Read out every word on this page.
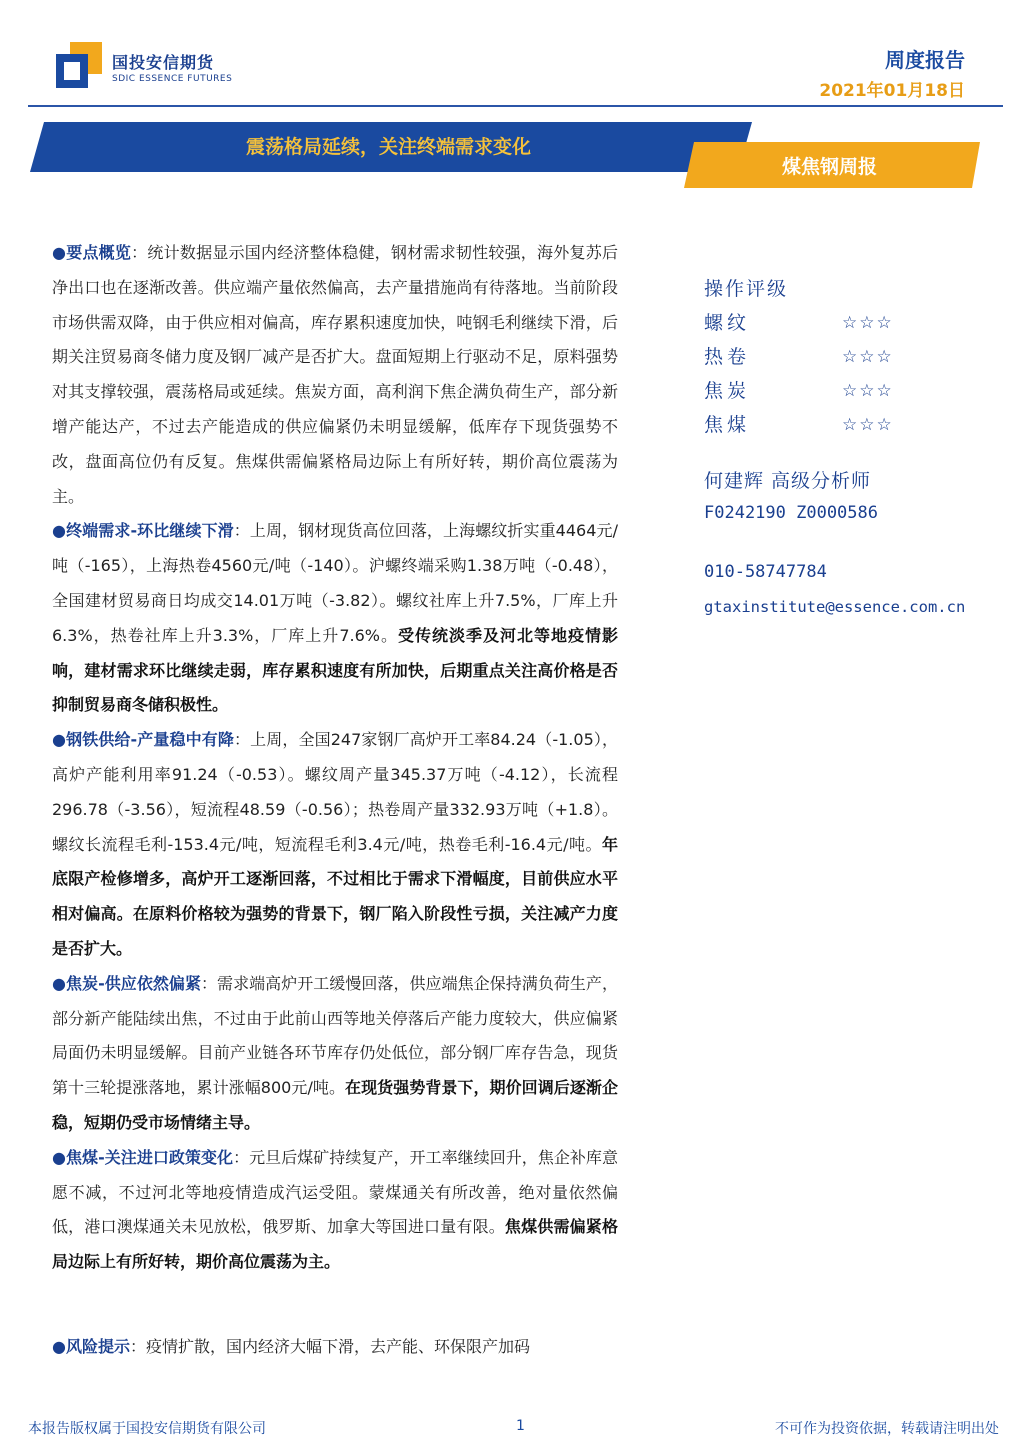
国投安信期货
SDIC ESSENCE FUTURES
周度报告
2021年01月18日
震荡格局延续，关注终端需求变化
煤焦钢周报

●要点概览：统计数据显示国内经济整体稳健，钢材需求韧性较强，海外复苏后净出口也在逐渐改善。供应端产量依然偏高，去产量措施尚有待落地。当前阶段市场供需双降，由于供应相对偏高，库存累积速度加快，吨钢毛利继续下滑，后期关注贸易商冬储力度及钢厂减产是否扩大。盘面短期上行驱动不足，原料强势对其支撑较强，震荡格局或延续。焦炭方面，高利润下焦企满负荷生产，部分新增产能达产，不过去产能造成的供应偏紧仍未明显缓解，低库存下现货强势不改，盘面高位仍有反复。焦煤供需偏紧格局边际上有所好转，期价高位震荡为主。

●终端需求-环比继续下滑：上周，钢材现货高位回落，上海螺纹折实重4464元/吨（-165），上海热卷4560元/吨（-140）。沪螺终端采购1.38万吨（-0.48），全国建材贸易商日均成交14.01万吨（-3.82）。螺纹社库上升7.5%，厂库上升6.3%，热卷社库上升3.3%，厂库上升7.6%。受传统淡季及河北等地疫情影响，建材需求环比继续走弱，库存累积速度有所加快，后期重点关注高价格是否抑制贸易商冬储积极性。

●钢铁供给-产量稳中有降：上周，全国247家钢厂高炉开工率84.24（-1.05），高炉产能利用率91.24（-0.53）。螺纹周产量345.37万吨（-4.12），长流程296.78（-3.56），短流程48.59（-0.56）；热卷周产量332.93万吨（+1.8）。螺纹长流程毛利-153.4元/吨，短流程毛利3.4元/吨，热卷毛利-16.4元/吨。年底限产检修增多，高炉开工逐渐回落，不过相比于需求下滑幅度，目前供应水平相对偏高。在原料价格较为强势的背景下，钢厂陷入阶段性亏损，关注减产力度是否扩大。

●焦炭-供应依然偏紧：需求端高炉开工缓慢回落，供应端焦企保持满负荷生产，部分新产能陆续出焦，不过由于此前山西等地关停落后产能力度较大，供应偏紧局面仍未明显缓解。目前产业链各环节库存仍处低位，部分钢厂库存告急，现货第十三轮提涨落地，累计涨幅800元/吨。在现货强势背景下，期价回调后逐渐企稳，短期仍受市场情绪主导。

●焦煤-关注进口政策变化：元旦后煤矿持续复产，开工率继续回升，焦企补库意愿不减，不过河北等地疫情造成汽运受阻。蒙煤通关有所改善，绝对量依然偏低，港口澳煤通关未见放松，俄罗斯、加拿大等国进口量有限。焦煤供需偏紧格局边际上有所好转，期价高位震荡为主。

●风险提示：疫情扩散，国内经济大幅下滑，去产能、环保限产加码
操作评级
螺纹	☆☆☆
热卷	☆☆☆
焦炭	☆☆☆
焦煤	☆☆☆
何建辉 高级分析师
F0242190 Z0000586
010-58747784
gtaxinstitute@essence.com.cn
本报告版权属于国投安信期货有限公司	1	不可作为投资依据，转载请注明出处
